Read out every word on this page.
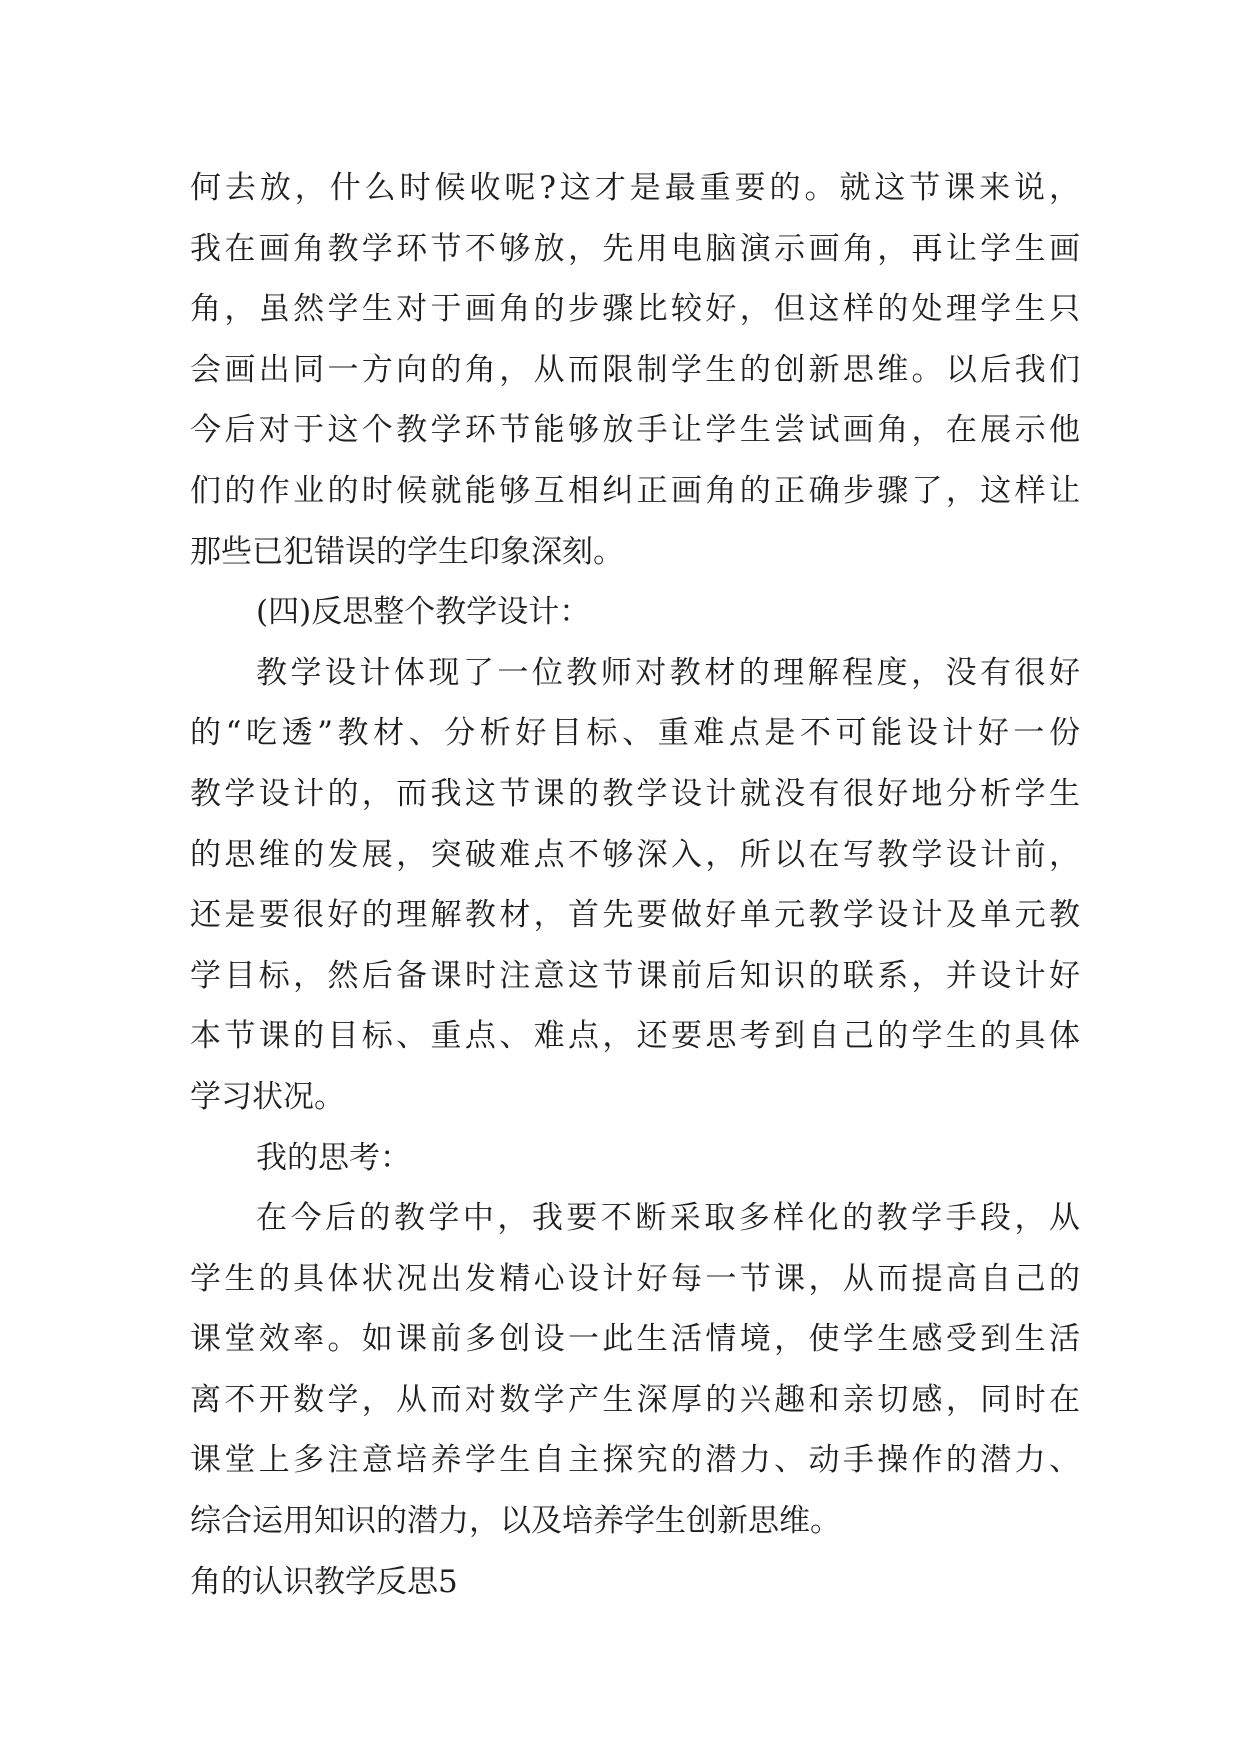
何去放，什么时候收呢?这才是最重要的。就这节课来说，
我在画角教学环节不够放，先用电脑演示画角，再让学生画
角，虽然学生对于画角的步骤比较好，但这样的处理学生只
会画出同一方向的角，从而限制学生的创新思维。以后我们
今后对于这个教学环节能够放手让学生尝试画角，在展示他
们的作业的时候就能够互相纠正画角的正确步骤了，这样让
那些已犯错误的学生印象深刻。
(四)反思整个教学设计：
教学设计体现了一位教师对教材的理解程度，没有很好
的“吃透”教材、分析好目标、重难点是不可能设计好一份
教学设计的，而我这节课的教学设计就没有很好地分析学生
的思维的发展，突破难点不够深入，所以在写教学设计前，
还是要很好的理解教材，首先要做好单元教学设计及单元教
学目标，然后备课时注意这节课前后知识的联系，并设计好
本节课的目标、重点、难点，还要思考到自己的学生的具体
学习状况。
我的思考：
在今后的教学中，我要不断采取多样化的教学手段，从
学生的具体状况出发精心设计好每一节课，从而提高自己的
课堂效率。如课前多创设一此生活情境，使学生感受到生活
离不开数学，从而对数学产生深厚的兴趣和亲切感，同时在
课堂上多注意培养学生自主探究的潜力、动手操作的潜力、
综合运用知识的潜力，以及培养学生创新思维。
角的认识教学反思5
